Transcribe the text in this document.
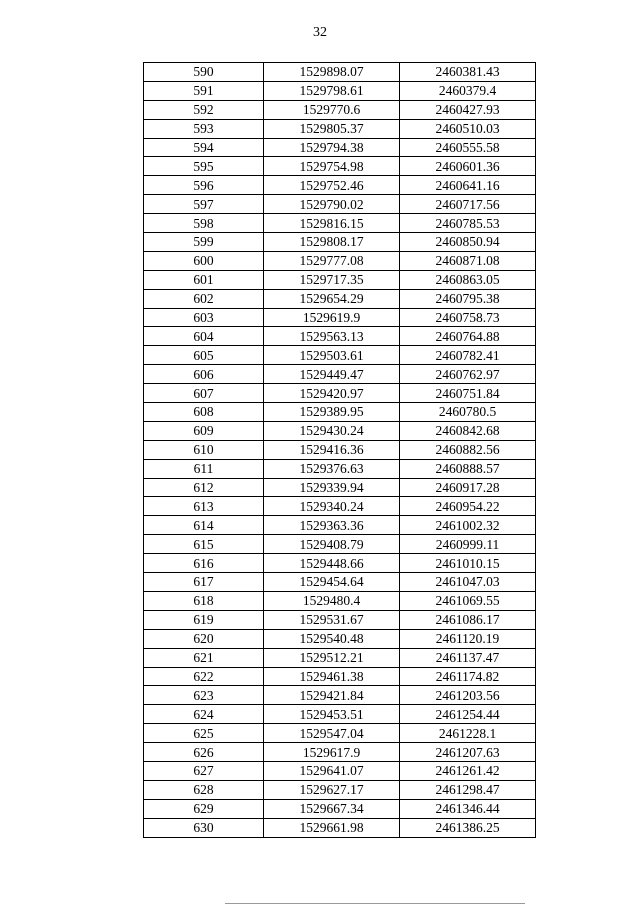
32
590	1529898.07	2460381.43
591	1529798.61	2460379.4
592	1529770.6	2460427.93
593	1529805.37	2460510.03
594	1529794.38	2460555.58
595	1529754.98	2460601.36
596	1529752.46	2460641.16
597	1529790.02	2460717.56
598	1529816.15	2460785.53
599	1529808.17	2460850.94
600	1529777.08	2460871.08
601	1529717.35	2460863.05
602	1529654.29	2460795.38
603	1529619.9	2460758.73
604	1529563.13	2460764.88
605	1529503.61	2460782.41
606	1529449.47	2460762.97
607	1529420.97	2460751.84
608	1529389.95	2460780.5
609	1529430.24	2460842.68
610	1529416.36	2460882.56
611	1529376.63	2460888.57
612	1529339.94	2460917.28
613	1529340.24	2460954.22
614	1529363.36	2461002.32
615	1529408.79	2460999.11
616	1529448.66	2461010.15
617	1529454.64	2461047.03
618	1529480.4	2461069.55
619	1529531.67	2461086.17
620	1529540.48	2461120.19
621	1529512.21	2461137.47
622	1529461.38	2461174.82
623	1529421.84	2461203.56
624	1529453.51	2461254.44
625	1529547.04	2461228.1
626	1529617.9	2461207.63
627	1529641.07	2461261.42
628	1529627.17	2461298.47
629	1529667.34	2461346.44
630	1529661.98	2461386.25
